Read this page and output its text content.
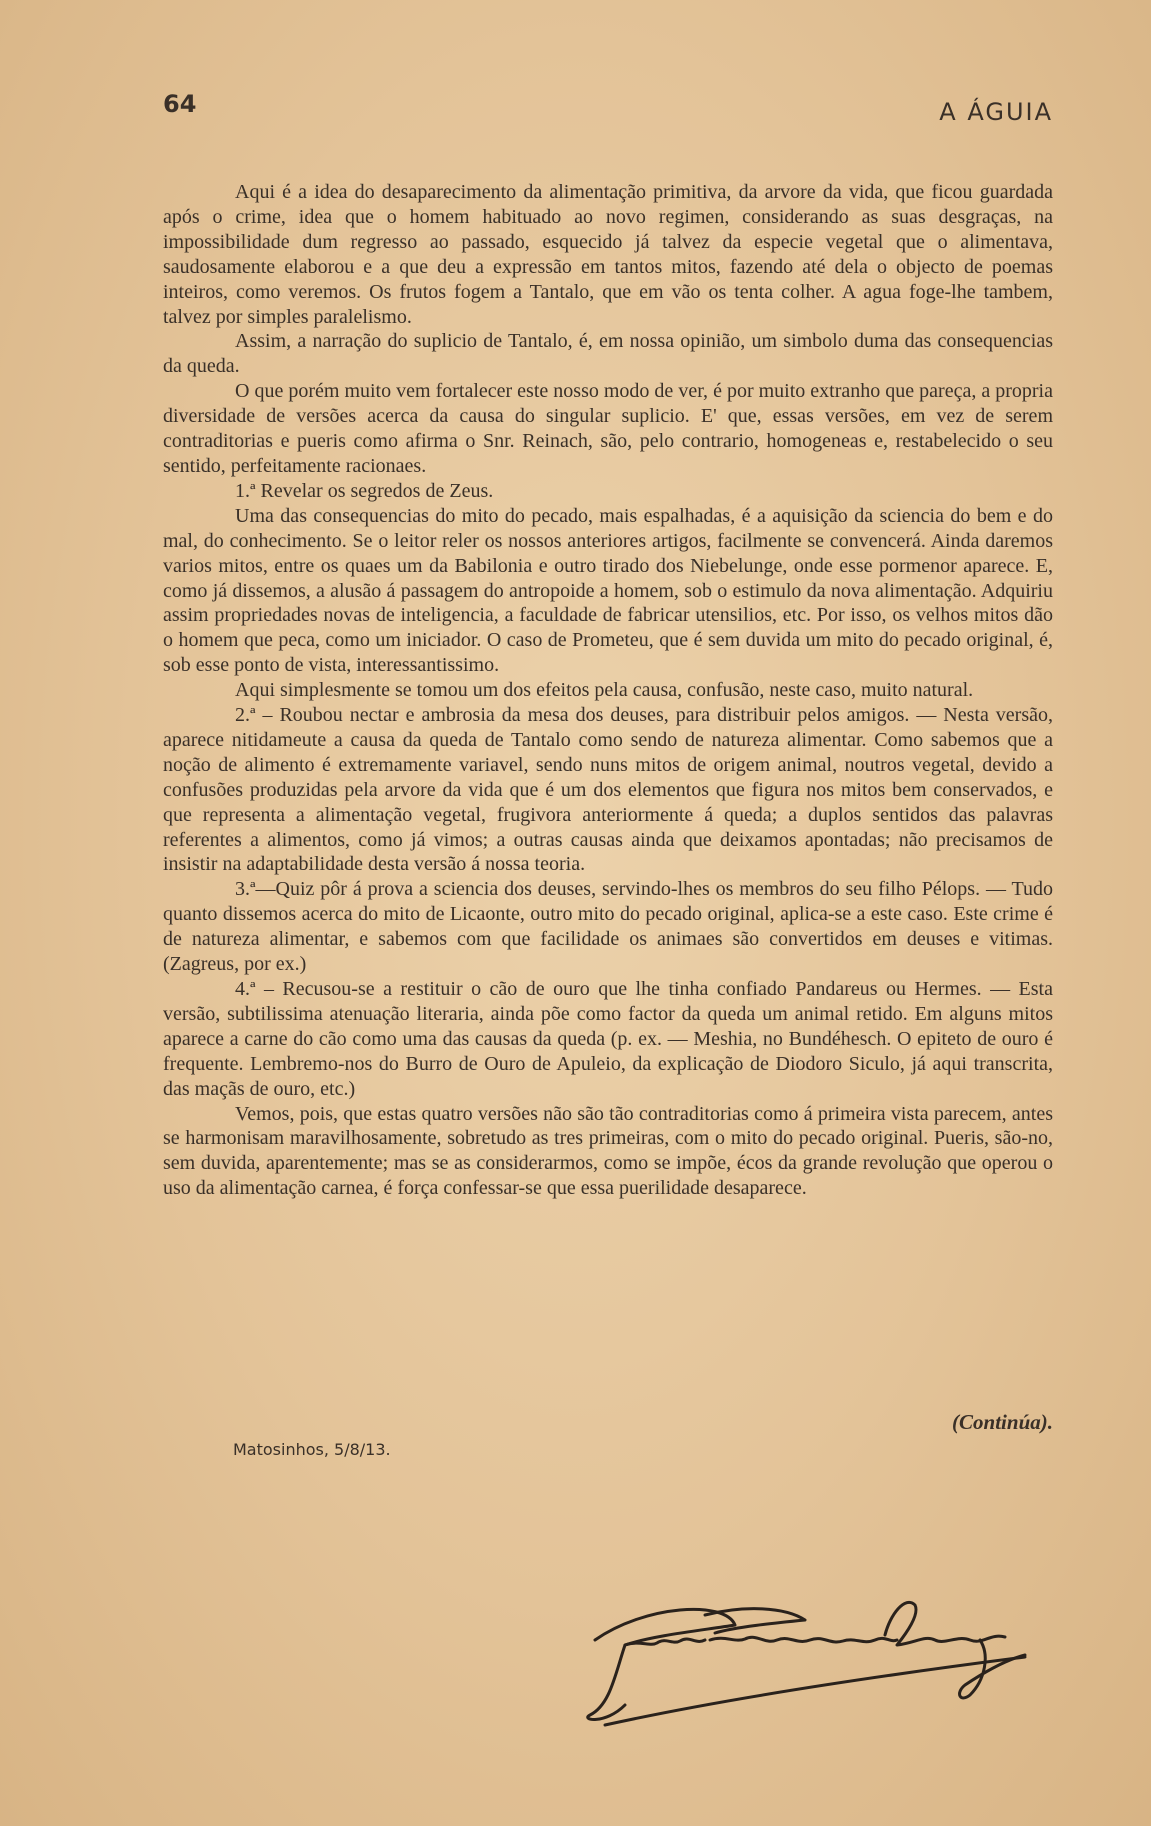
64	A ÁGUIA

Aqui é a idea do desaparecimento da alimentação primitiva, da arvore da vida, que ficou guardada após o crime, idea que o homem habituado ao novo regimen, considerando as suas desgraças, na impossibilidade dum regresso ao passado, esquecido já talvez da especie vegetal que o alimentava, saudosamente elaborou e a que deu a expressão em tantos mitos, fazendo até dela o objecto de poemas inteiros, como veremos. Os frutos fogem a Tantalo, que em vão os tenta colher. A agua foge-lhe tambem, talvez por simples paralelismo.

Assim, a narração do suplicio de Tantalo, é, em nossa opinião, um simbolo duma das consequencias da queda.

O que porém muito vem fortalecer este nosso modo de ver, é por muito extranho que pareça, a propria diversidade de versões acerca da causa do singular suplicio. E' que, essas versões, em vez de serem contraditorias e pueris como afirma o Snr. Reinach, são, pelo contrario, homogeneas e, restabelecido o seu sentido, perfeitamente racionaes.

1.ª Revelar os segredos de Zeus.

Uma das consequencias do mito do pecado, mais espalhadas, é a aquisição da sciencia do bem e do mal, do conhecimento. Se o leitor reler os nossos anteriores artigos, facilmente se convencerá. Ainda daremos varios mitos, entre os quaes um da Babilonia e outro tirado dos Niebelunge, onde esse pormenor aparece. E, como já dissemos, a alusão á passagem do antropoide a homem, sob o estimulo da nova alimentação. Adquiriu assim propriedades novas de inteligencia, a faculdade de fabricar utensilios, etc. Por isso, os velhos mitos dão o homem que peca, como um iniciador. O caso de Prometeu, que é sem duvida um mito do pecado original, é, sob esse ponto de vista, interessantissimo.

Aqui simplesmente se tomou um dos efeitos pela causa, confusão, neste caso, muito natural.

2.ª – Roubou nectar e ambrosia da mesa dos deuses, para distribuir pelos amigos. — Nesta versão, aparece nitidameute a causa da queda de Tantalo como sendo de natureza alimentar. Como sabemos que a noção de alimento é extremamente variavel, sendo nuns mitos de origem animal, noutros vegetal, devido a confusões produzidas pela arvore da vida que é um dos elementos que figura nos mitos bem conservados, e que representa a alimentação vegetal, frugivora anteriormente á queda; a duplos sentidos das palavras referentes a alimentos, como já vimos; a outras causas ainda que deixamos apontadas; não precisamos de insistir na adaptabilidade desta versão á nossa teoria.

3.ª—Quiz pôr á prova a sciencia dos deuses, servindo-lhes os membros do seu filho Pélops. — Tudo quanto dissemos acerca do mito de Licaonte, outro mito do pecado original, aplica-se a este caso. Este crime é de natureza alimentar, e sabemos com que facilidade os animaes são convertidos em deuses e vitimas. (Zagreus, por ex.)

4.ª – Recusou-se a restituir o cão de ouro que lhe tinha confiado Pandareus ou Hermes. — Esta versão, subtilissima atenuação literaria, ainda põe como factor da queda um animal retido. Em alguns mitos aparece a carne do cão como uma das causas da queda (p. ex. — Meshia, no Bundéhesch. O epiteto de ouro é frequente. Lembremo-nos do Burro de Ouro de Apuleio, da explicação de Diodoro Siculo, já aqui transcrita, das maçãs de ouro, etc.)

Vemos, pois, que estas quatro versões não são tão contraditorias como á primeira vista parecem, antes se harmonisam maravilhosamente, sobretudo as tres primeiras, com o mito do pecado original. Pueris, são-no, sem duvida, aparentemente; mas se as considerarmos, como se impõe, écos da grande revolução que operou o uso da alimentação carnea, é força confessar-se que essa puerilidade desaparece.

(Continúa).
Matosinhos, 5/8/13.
